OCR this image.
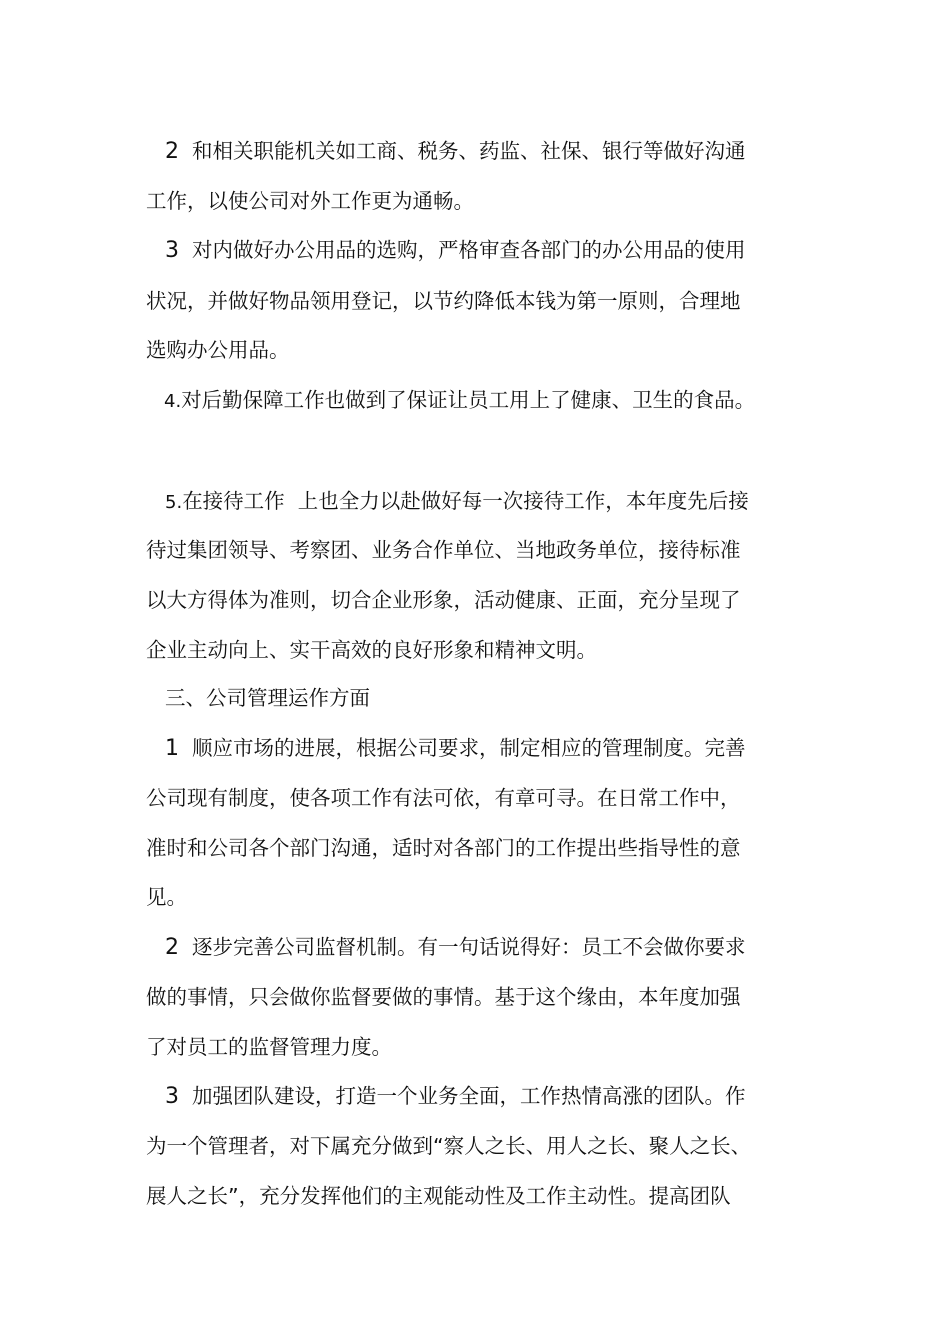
2 和相关职能机关如工商、税务、药监、社保、银行等做好沟通
工作，以使公司对外工作更为通畅。
3 对内做好办公用品的选购，严格审查各部门的办公用品的使用
状况，并做好物品领用登记，以节约降低本钱为第一原则，合理地
选购办公用品。
4.对后勤保障工作也做到了保证让员工用上了健康、卫生的食品。
5.在接待工作  上也全力以赴做好每一次接待工作，本年度先后接
待过集团领导、考察团、业务合作单位、当地政务单位，接待标准
以大方得体为准则，切合企业形象，活动健康、正面，充分呈现了
企业主动向上、实干高效的良好形象和精神文明。
三、公司管理运作方面
1 顺应市场的进展，根据公司要求，制定相应的管理制度。完善
公司现有制度，使各项工作有法可依，有章可寻。在日常工作中，
准时和公司各个部门沟通，适时对各部门的工作提出些指导性的意
见。
2 逐步完善公司监督机制。有一句话说得好：员工不会做你要求
做的事情，只会做你监督要做的事情。基于这个缘由，本年度加强
了对员工的监督管理力度。
3 加强团队建设，打造一个业务全面，工作热情高涨的团队。作
为一个管理者，对下属充分做到“察人之长、用人之长、聚人之长、
展人之长”，充分发挥他们的主观能动性及工作主动性。提高团队
